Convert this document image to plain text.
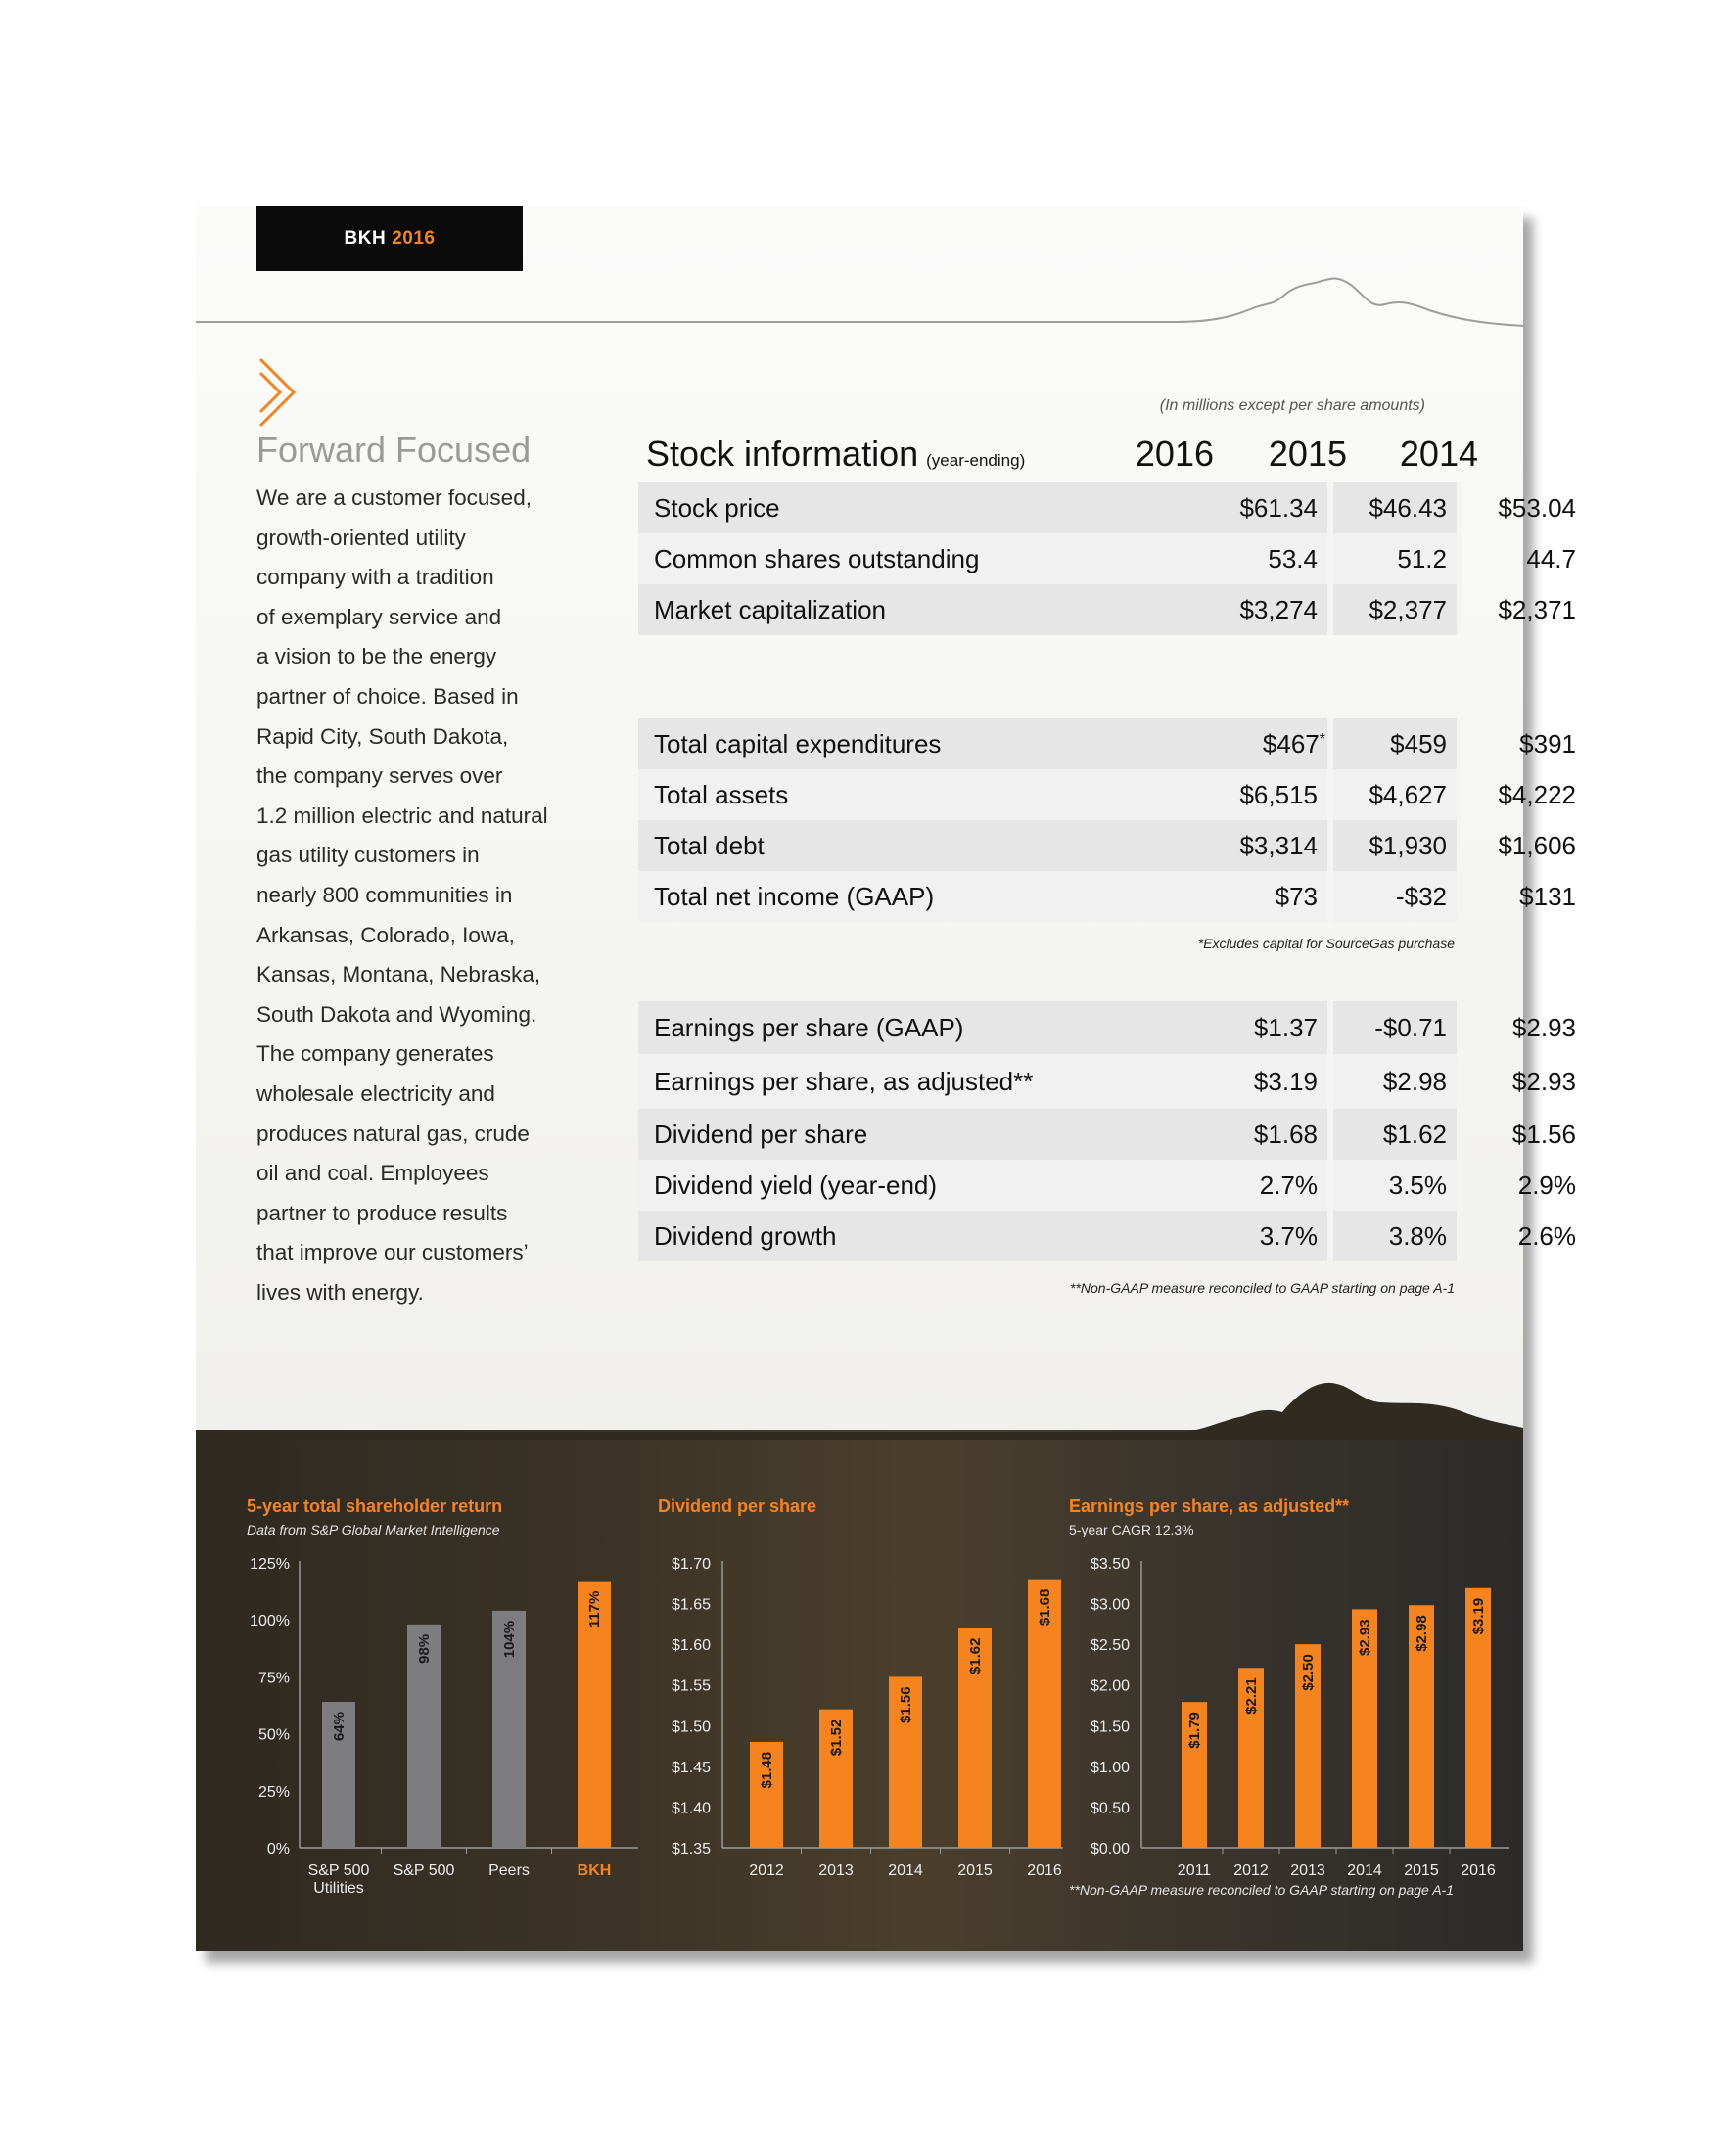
BKH 2016
Forward Focused
We are a customer focused,
growth-oriented utility
company with a tradition
of exemplary service and
a vision to be the energy
partner of choice. Based in
Rapid City, South Dakota,
the company serves over
1.2 million electric and natural
gas utility customers in
nearly 800 communities in
Arkansas, Colorado, Iowa,
Kansas, Montana, Nebraska,
South Dakota and Wyoming.
The company generates
wholesale electricity and
produces natural gas, crude
oil and coal. Employees
partner to produce results
that improve our customers’
lives with energy.
(In millions except per share amounts)
Stock information (year-ending)	2016	2015	2014
Stock price	$61.34 $46.43 $53.04
Common shares outstanding	53.4	51.2	44.7
Market capitalization	$3,274 $2,377 $2,371
Total capital expenditures	$467 *	$459	$391
Total assets	$6,515 $4,627 $4,222
Total debt	$3,314 $1,930 $1,606
Total net income (GAAP)	$73	-$32	$131
*Excludes capital for SourceGas purchase
Earnings per share (GAAP)	$1.37 -$0.71	$2.93
Earnings per share, as adjusted**	$3.19	$2.98	$2.93
Dividend per share	$1.68	$1.62	$1.56
Dividend yield (year-end)	2.7%	3.5%	2.9%
Dividend growth	3.7%	3.8%	2.6%
**Non-GAAP measure reconciled to GAAP starting on page A-1
5-year total shareholder return
Data from S&P Global Market Intelligence
Dividend per share	Earnings per share, as adjusted**
5-year CAGR 12.3%
0%
25%
50%
75%
100%
125%
64%
S&P 500
Utilities
98%
S&P 500
104%
Peers
117%
BKH
$1.35
$1.40
$1.45
$1.50
$1.55
$1.60
$1.65
$1.70
$1.48
2012
$1.52
2013
$1.56
2014
$1.62
2015
$1.68
2016
$0.00
$0.50
$1.00
$1.50
$2.00
$2.50
$3.00
$3.50
$1.79
2011
$2.21
2012
$2.50
2013
$2.93
2014
$2.98
2015
$3.19
2016
**Non-GAAP measure reconciled to GAAP starting on page A-1
